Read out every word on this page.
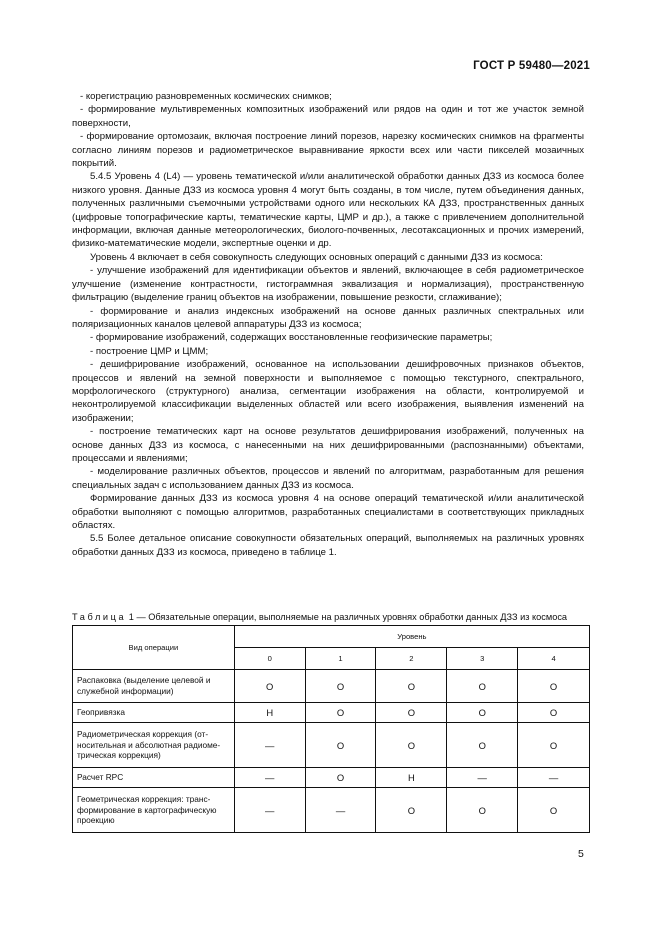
ГОСТ Р 59480—2021

- корегистрацию разновременных космических снимков;

- формирование мультивременных композитных изображений или рядов на один и тот же участок земной поверхности,

- формирование ортомозаик, включая построение линий порезов, нарезку космических снимков на фрагменты согласно линиям порезов и радиометрическое выравнивание яркости всех или части пикселей мозаичных покрытий.

5.4.5 Уровень 4 (L4) — уровень тематической и/или аналитической обработки данных ДЗЗ из космоса более низкого уровня. Данные ДЗЗ из космоса уровня 4 могут быть созданы, в том числе, путем объединения данных, полученных различными съемочными устройствами одного или нескольких КА ДЗЗ, пространственных данных (цифровые топографические карты, тематические карты, ЦМР и др.), а также с привлечением дополнительной информации, включая данные метеорологических, биолого-почвенных, лесотаксационных и прочих измерений, физико-математические модели, экспертные оценки и др.

Уровень 4 включает в себя совокупность следующих основных операций с данными ДЗЗ из космоса:

- улучшение изображений для идентификации объектов и явлений, включающее в себя радиометрическое улучшение (изменение контрастности, гистограммная эквализация и нормализация), пространственную фильтрацию (выделение границ объектов на изображении, повышение резкости, сглаживание);

- формирование и анализ индексных изображений на основе данных различных спектральных или поляризационных каналов целевой аппаратуры ДЗЗ из космоса;

- формирование изображений, содержащих восстановленные геофизические параметры;

- построение ЦМР и ЦММ;

- дешифрирование изображений, основанное на использовании дешифровочных признаков объектов, процессов и явлений на земной поверхности и выполняемое с помощью текстурного, спектрального, морфологического (структурного) анализа, сегментации изображения на области, контролируемой и неконтролируемой классификации выделенных областей или всего изображения, выявления изменений на изображении;

- построение тематических карт на основе результатов дешифрирования изображений, полученных на основе данных ДЗЗ из космоса, с нанесенными на них дешифрированными (распознанными) объектами, процессами и явлениями;

- моделирование различных объектов, процессов и явлений по алгоритмам, разработанным для решения специальных задач с использованием данных ДЗЗ из космоса.

Формирование данных ДЗЗ из космоса уровня 4 на основе операций тематической и/или аналитической обработки выполняют с помощью алгоритмов, разработанных специалистами в соответствующих прикладных областях.

5.5 Более детальное описание совокупности обязательных операций, выполняемых на различных уровнях обработки данных ДЗЗ из космоса, приведено в таблице 1.

Таблица 1 — Обязательные операции, выполняемые на различных уровнях обработки данных ДЗЗ из космоса
Вид операции	Уровень				
	0	1	2	3	4
Распаковка (выделение целевой и служебной информации)	О	О	О	О	О
Геопривязка	Н	О	О	О	О
Радиометрическая коррекция (относительная и абсолютная радиометрическая коррекция)	—	О	О	О	О
Расчет RPC	—	О	Н	—	—
Геометрическая коррекция: трансформирование в картографическую проекцию	—	—	О	О	О
5
